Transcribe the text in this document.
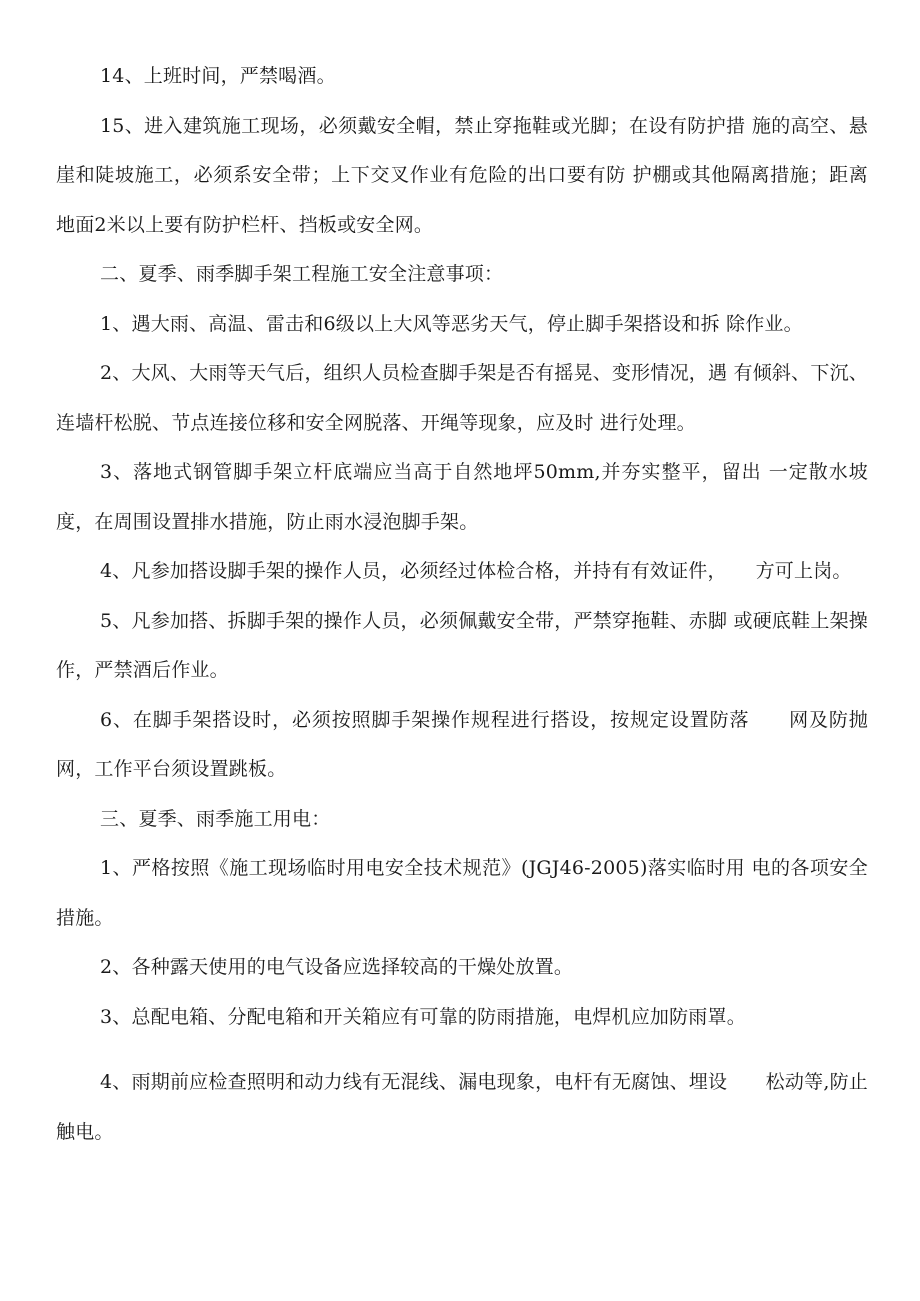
14、上班时间，严禁喝酒。

15、进入建筑施工现场，必须戴安全帽，禁止穿拖鞋或光脚；在设有防护措 施的高空、悬崖和陡坡施工，必须系安全带；上下交叉作业有危险的出口要有防 护棚或其他隔离措施；距离地面2米以上要有防护栏杆、挡板或安全网。

二、夏季、雨季脚手架工程施工安全注意事项：

1、遇大雨、高温、雷击和6级以上大风等恶劣天气，停止脚手架搭设和拆 除作业。

2、大风、大雨等天气后，组织人员检查脚手架是否有摇晃、变形情况，遇 有倾斜、下沉、连墙杆松脱、节点连接位移和安全网脱落、开绳等现象，应及时 进行处理。

3、落地式钢管脚手架立杆底端应当高于自然地坪50mm,并夯实整平，留出 一定散水坡度，在周围设置排水措施，防止雨水浸泡脚手架。

4、凡参加搭设脚手架的操作人员，必须经过体检合格，并持有有效证件，　　方可上岗。

5、凡参加搭、拆脚手架的操作人员，必须佩戴安全带，严禁穿拖鞋、赤脚 或硬底鞋上架操作，严禁酒后作业。

6、在脚手架搭设时，必须按照脚手架操作规程进行搭设，按规定设置防落　　网及防抛网，工作平台须设置跳板。

三、夏季、雨季施工用电：

1、严格按照《施工现场临时用电安全技术规范》(JGJ46-2005)落实临时用 电的各项安全措施。

2、各种露天使用的电气设备应选择较高的干燥处放置。

3、总配电箱、分配电箱和开关箱应有可靠的防雨措施，电焊机应加防雨罩。

4、雨期前应检查照明和动力线有无混线、漏电现象，电杆有无腐蚀、埋设　　松动等,防止触电。
